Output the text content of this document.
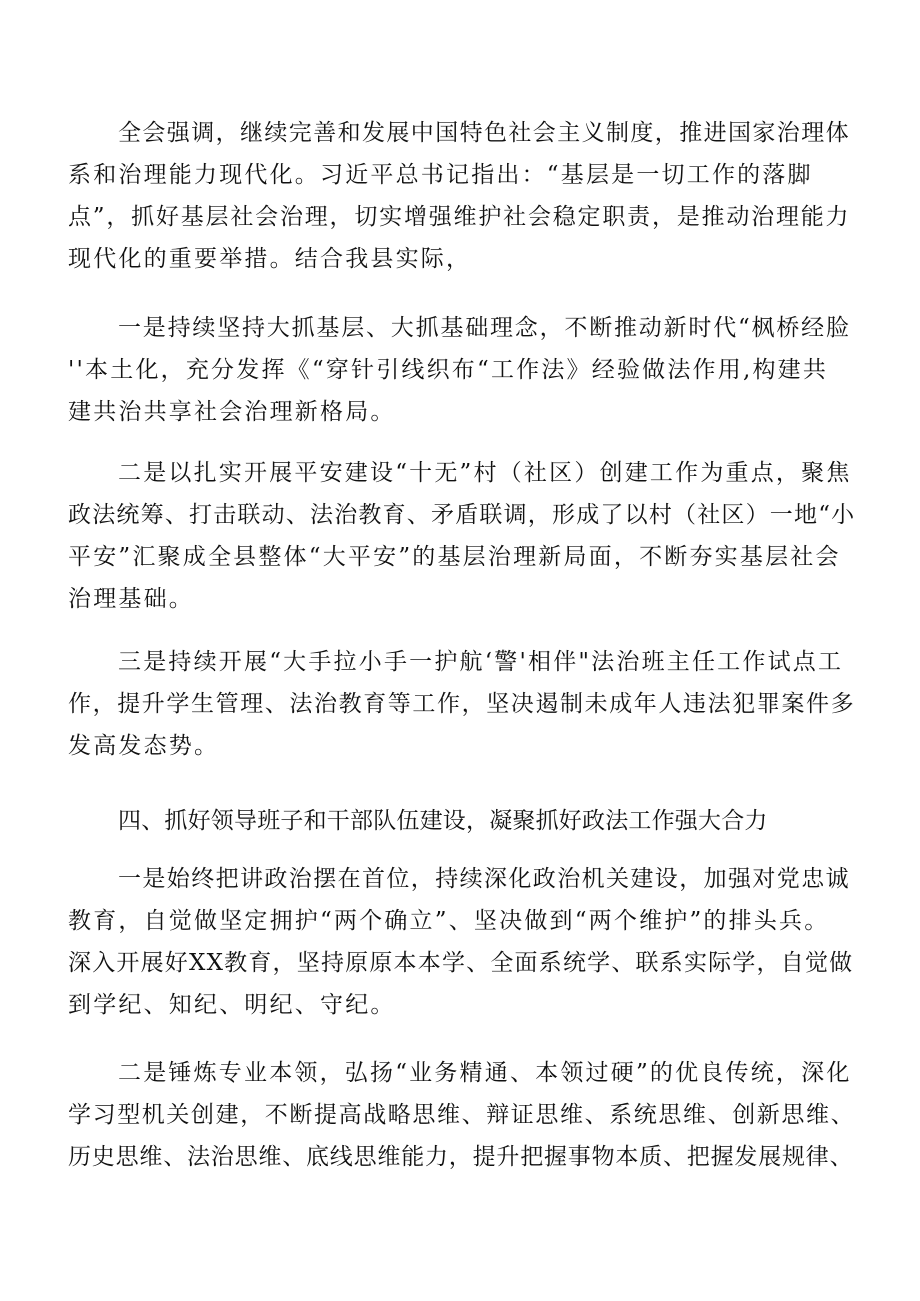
全会强调，继续完善和发展中国特色社会主义制度，推进国家治理体
系和治理能力现代化。习近平总书记指出：“基层是一切工作的落脚
点”，抓好基层社会治理，切实增强维护社会稳定职责，是推动治理能力
现代化的重要举措。结合我县实际，
一是持续坚持大抓基层、大抓基础理念，不断推动新时代“枫桥经脸
''本土化，充分发挥《“穿针引线织布“工作法》经验做法作用,构建共
建共治共享社会治理新格局。
二是以扎实开展平安建设“十无”村（社区）创建工作为重点，聚焦
政法统筹、打击联动、法治教育、矛盾联调，形成了以村（社区）一地“小
平安”汇聚成全县整体“大平安”的基层治理新局面，不断夯实基层社会
治理基础。
三是持续开展“大手拉小手一护航‘警'相伴"法治班主任工作试点工
作，提升学生管理、法治教育等工作，坚决遏制未成年人违法犯罪案件多
发高发态势。
四、抓好领导班子和干部队伍建设，凝聚抓好政法工作强大合力
一是始终把讲政治摆在首位，持续深化政治机关建设，加强对党忠诚
教育，自觉做坚定拥护“两个确立”、坚决做到“两个维护”的排头兵。
深入开展好XX教育，坚持原原本本学、全面系统学、联系实际学，自觉做
到学纪、知纪、明纪、守纪。
二是锤炼专业本领，弘扬“业务精通、本领过硬”的优良传统，深化
学习型机关创建，不断提高战略思维、辩证思维、系统思维、创新思维、
历史思维、法治思维、底线思维能力，提升把握事物本质、把握发展规律、
